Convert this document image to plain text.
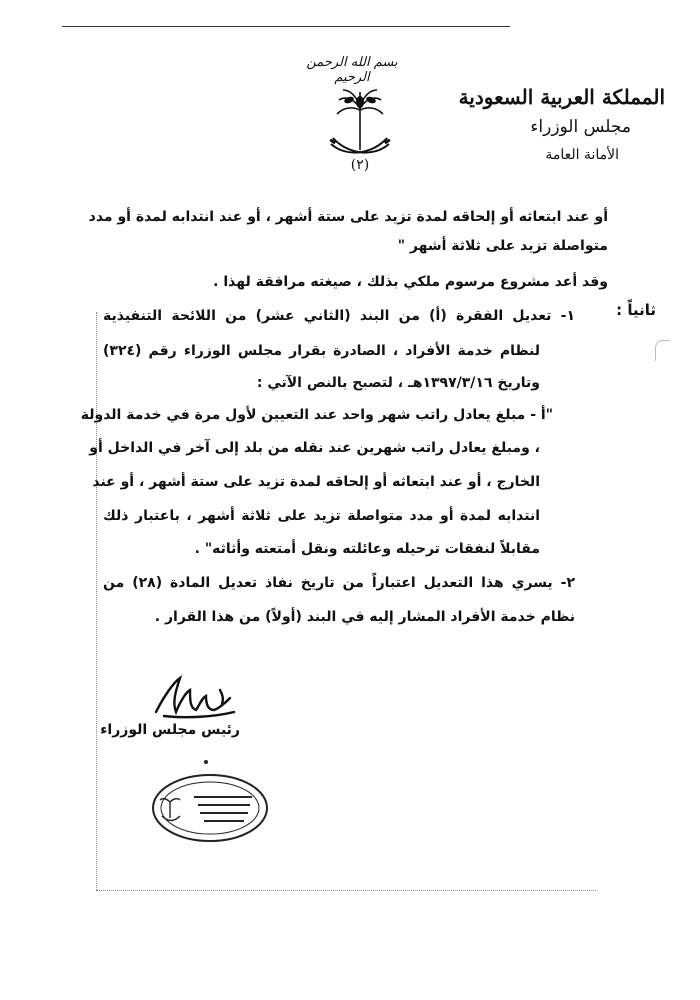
بسم الله الرحمن الرحيم
(٢)
المملكة العربية السعودية
مجلس الوزراء
الأمانة العامة
أو عند ابتعاثه أو إلحاقه لمدة تزيد على ستة أشهر ، أو عند انتدابه لمدة أو مدد
متواصلة تزيد على ثلاثة أشهر "
وقد أعد مشروع مرسوم ملكي بذلك ، صيغته مرافقة لهذا .
ثانياً :
١- تعديل الفقرة (أ) من البند (الثاني عشر) من اللائحة التنفيذية
لنظام خدمة الأفراد ، الصادرة بقرار مجلس الوزراء رقم (٣٢٤)
وتاريخ ١٣٩٧/٣/١٦هـ ، لتصبح بالنص الآتي :
"أ - مبلغ يعادل راتب شهر واحد عند التعيين لأول مرة في خدمة الدولة
، ومبلغ يعادل راتب شهرين عند نقله من بلد إلى آخر في الداخل أو
الخارج ، أو عند ابتعاثه أو إلحاقه لمدة تزيد على ستة أشهر ، أو عند
انتدابه لمدة أو مدد متواصلة تزيد على ثلاثة أشهر ، باعتبار ذلك
مقابلاً لنفقات ترحيله وعائلته ونقل أمتعته وأثاثه" .
٢- يسري هذا التعديل اعتباراً من تاريخ نفاذ تعديل المادة (٢٨) من
نظام خدمة الأفراد المشار إليه في البند (أولاً) من هذا القرار .
رئيس مجلس الوزراء
